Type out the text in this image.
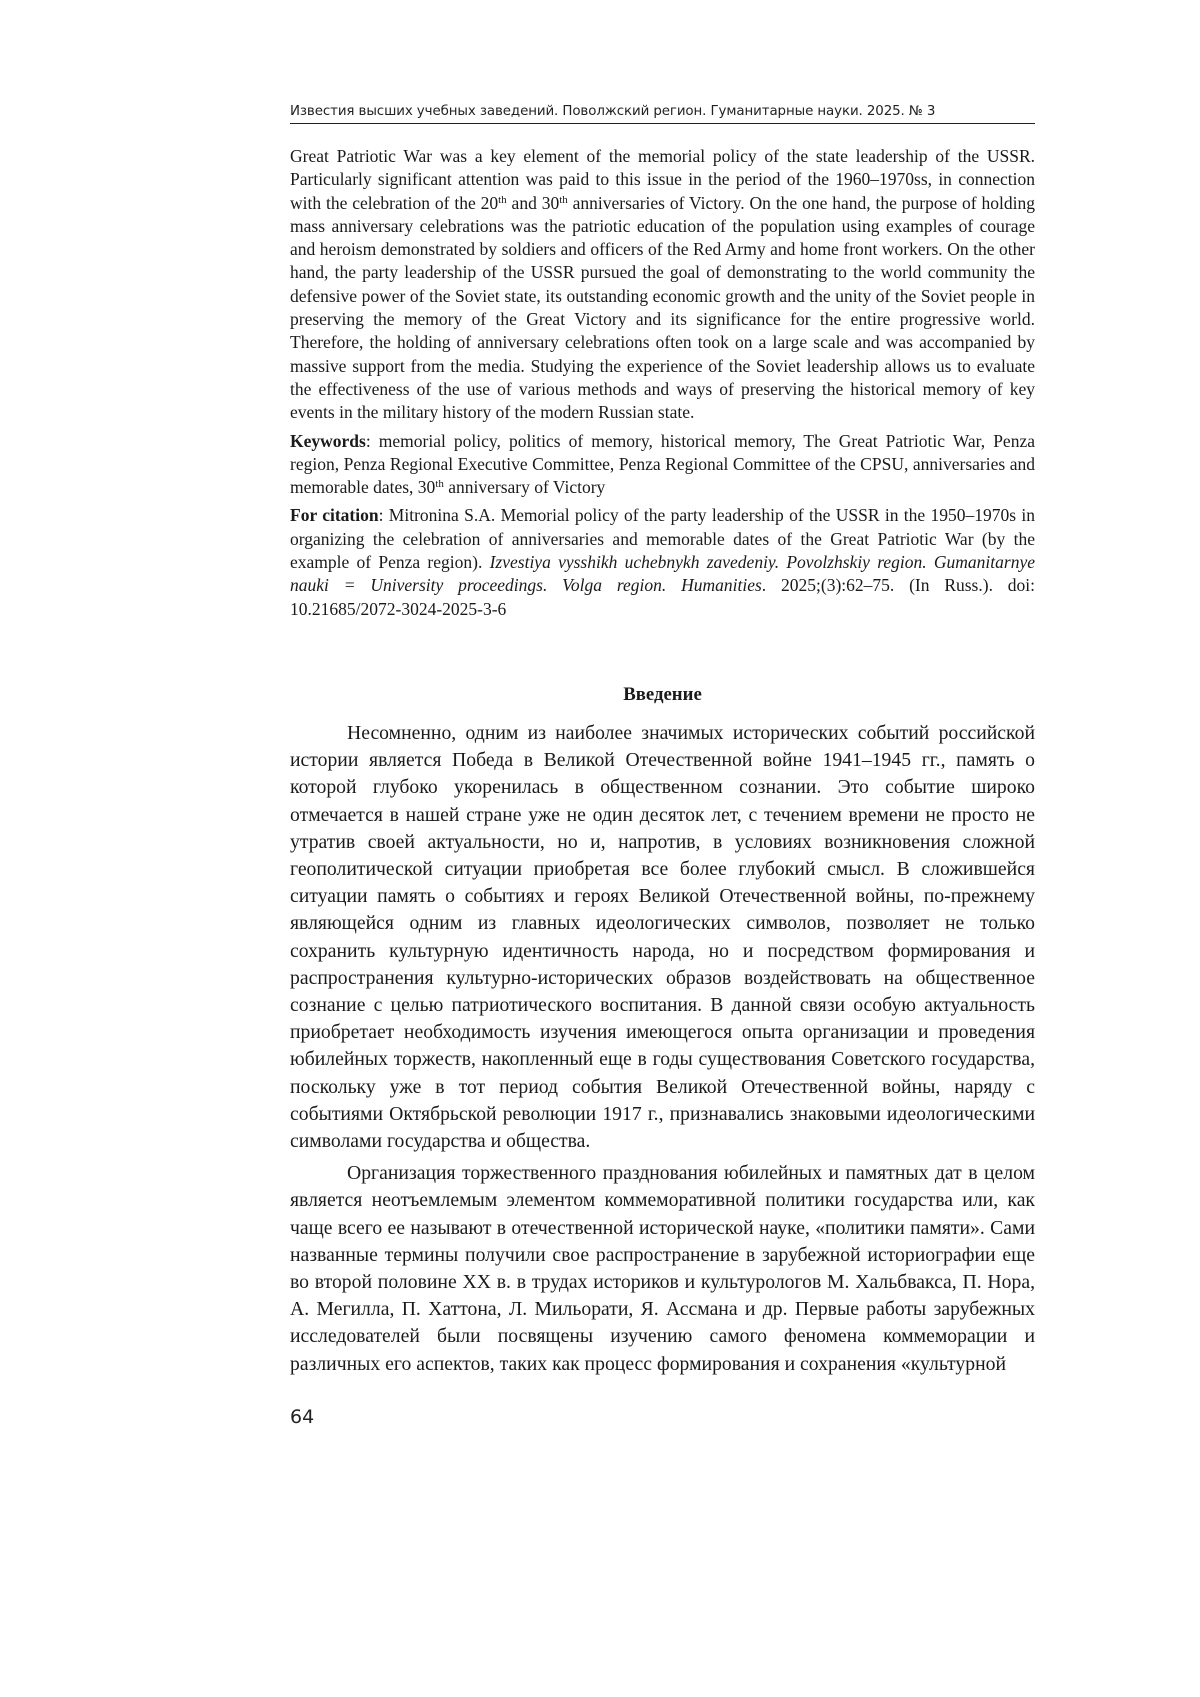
Известия высших учебных заведений. Поволжский регион. Гуманитарные науки. 2025. № 3

Great Patriotic War was a key element of the memorial policy of the state leadership of the USSR. Particularly significant attention was paid to this issue in the period of the 1960–1970ss, in connection with the celebration of the 20th and 30th anniversaries of Victory. On the one hand, the purpose of holding mass anniversary celebrations was the patriotic education of the population using examples of courage and heroism demonstrated by soldiers and officers of the Red Army and home front workers. On the other hand, the party leadership of the USSR pursued the goal of demonstrating to the world community the defensive power of the Soviet state, its outstanding economic growth and the unity of the Soviet people in preserving the memory of the Great Victory and its significance for the entire progressive world. Therefore, the holding of anniversary celebrations often took on a large scale and was accompanied by massive support from the media. Studying the experience of the Soviet leadership allows us to evaluate the effectiveness of the use of various methods and ways of preserving the historical memory of key events in the military history of the modern Russian state.

Keywords: memorial policy, politics of memory, historical memory, The Great Patriotic War, Penza region, Penza Regional Executive Committee, Penza Regional Committee of the CPSU, anniversaries and memorable dates, 30th anniversary of Victory

For citation: Mitronina S.A. Memorial policy of the party leadership of the USSR in the 1950–1970s in organizing the celebration of anniversaries and memorable dates of the Great Patriotic War (by the example of Penza region). Izvestiya vysshikh uchebnykh zavedeniy. Povolzhskiy region. Gumanitarnye nauki = University proceedings. Volga region. Humanities. 2025;(3):62–75. (In Russ.). doi: 10.21685/2072-3024-2025-3-6

Введение

Несомненно, одним из наиболее значимых исторических событий российской истории является Победа в Великой Отечественной войне 1941–1945 гг., память о которой глубоко укоренилась в общественном сознании. Это событие широко отмечается в нашей стране уже не один десяток лет, с течением времени не просто не утратив своей актуальности, но и, напротив, в условиях возникновения сложной геополитической ситуации приобретая все более глубокий смысл. В сложившейся ситуации память о событиях и героях Великой Отечественной войны, по-прежнему являющейся одним из главных идеологических символов, позволяет не только сохранить культурную идентичность народа, но и посредством формирования и распространения культурно-исторических образов воздействовать на общественное сознание с целью патриотического воспитания. В данной связи особую актуальность приобретает необходимость изучения имеющегося опыта организации и проведения юбилейных торжеств, накопленный еще в годы существования Советского государства, поскольку уже в тот период события Великой Отечественной войны, наряду с событиями Октябрьской революции 1917 г., признавались знаковыми идеологическими символами государства и общества.

Организация торжественного празднования юбилейных и памятных дат в целом является неотъемлемым элементом коммеморативной политики государства или, как чаще всего ее называют в отечественной исторической науке, «политики памяти». Сами названные термины получили свое распространение в зарубежной историографии еще во второй половине XX в. в трудах историков и культурологов М. Хальбвакса, П. Нора, А. Мегилла, П. Хаттона, Л. Мильорати, Я. Ассмана и др. Первые работы зарубежных исследователей были посвящены изучению самого феномена коммеморации и различных его аспектов, таких как процесс формирования и сохранения «культурной

64
